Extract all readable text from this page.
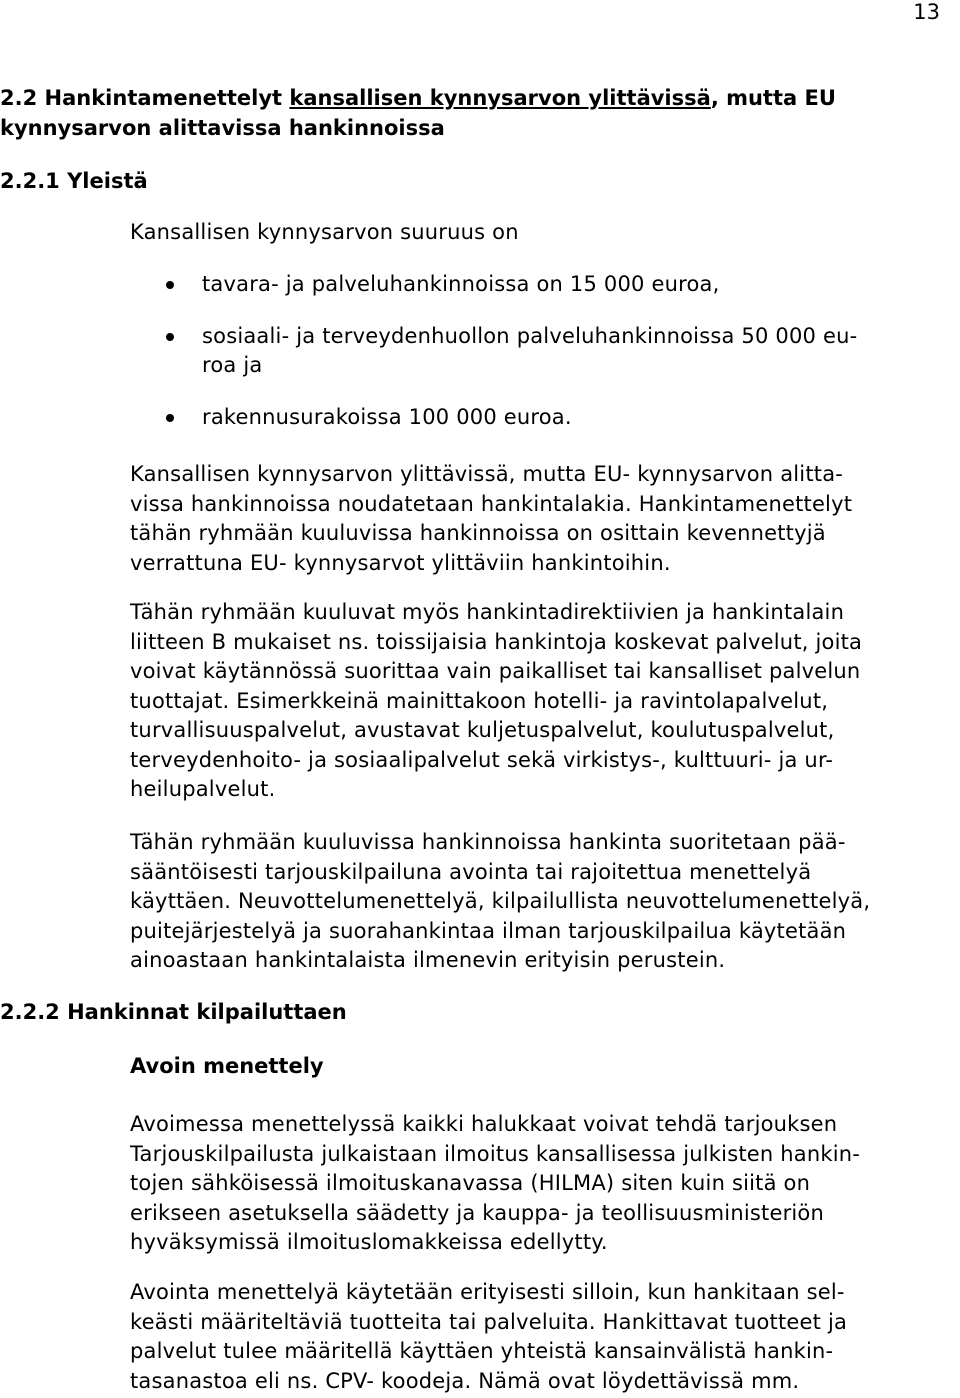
13
2.2 Hankintamenettelyt kansallisen kynnysarvon ylittävissä, mutta EU
kynnysarvon alittavissa hankinnoissa
2.2.1 Yleistä

Kansallisen kynnysarvon suuruus on

tavara- ja palveluhankinnoissa on 15 000 euroa,
sosiaali- ja terveydenhuollon palveluhankinnoissa 50 000 eu-
roa ja
rakennusurakoissa 100 000 euroa.

Kansallisen kynnysarvon ylittävissä, mutta EU- kynnysarvon alitta-
vissa hankinnoissa noudatetaan hankintalakia. Hankintamenettelyt
tähän ryhmään kuuluvissa hankinnoissa on osittain kevennettyjä
verrattuna EU- kynnysarvot ylittäviin hankintoihin.

Tähän ryhmään kuuluvat myös hankintadirektiivien ja hankintalain
liitteen B mukaiset ns. toissijaisia hankintoja koskevat palvelut, joita
voivat käytännössä suorittaa vain paikalliset tai kansalliset palvelun
tuottajat. Esimerkkeinä mainittakoon hotelli- ja ravintolapalvelut,
turvallisuuspalvelut, avustavat kuljetuspalvelut, koulutuspalvelut,
terveydenhoito- ja sosiaalipalvelut sekä virkistys-, kulttuuri- ja ur-
heilupalvelut.

Tähän ryhmään kuuluvissa hankinnoissa hankinta suoritetaan pää-
sääntöisesti tarjouskilpailuna avointa tai rajoitettua menettelyä
käyttäen. Neuvottelumenettelyä, kilpailullista neuvottelumenettelyä,
puitejärjestelyä ja suorahankintaa ilman tarjouskilpailua käytetään
ainoastaan hankintalaista ilmenevin erityisin perustein.

2.2.2 Hankinnat kilpailuttaen
Avoin menettely

Avoimessa menettelyssä kaikki halukkaat voivat tehdä tarjouksen
Tarjouskilpailusta julkaistaan ilmoitus kansallisessa julkisten hankin-
tojen sähköisessä ilmoituskanavassa (HILMA) siten kuin siitä on
erikseen asetuksella säädetty ja kauppa- ja teollisuusministeriön
hyväksymissä ilmoituslomakkeissa edellytty.

Avointa menettelyä käytetään erityisesti silloin, kun hankitaan sel-
keästi määriteltäviä tuotteita tai palveluita. Hankittavat tuotteet ja
palvelut tulee määritellä käyttäen yhteistä kansainvälistä hankin-
tasanastoa eli ns. CPV- koodeja. Nämä ovat löydettävissä mm.
